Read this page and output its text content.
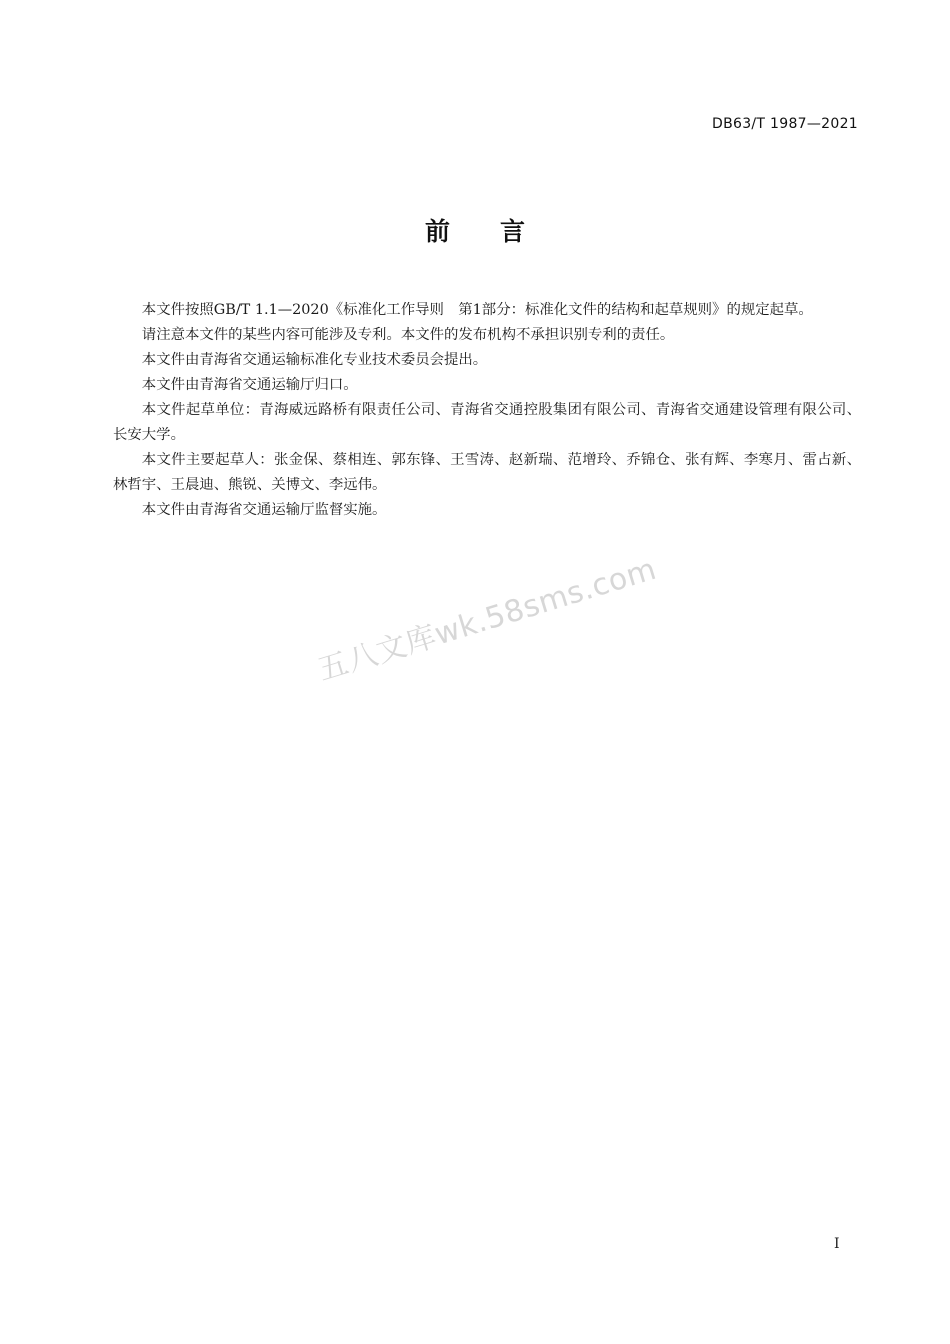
DB63/T 1987—2021
前 言

本文件按照GB/T 1.1—2020《标准化工作导则　第1部分：标准化文件的结构和起草规则》的规定起草。

请注意本文件的某些内容可能涉及专利。本文件的发布机构不承担识别专利的责任。

本文件由青海省交通运输标准化专业技术委员会提出。

本文件由青海省交通运输厅归口。

本文件起草单位：青海威远路桥有限责任公司、青海省交通控股集团有限公司、青海省交通建设管理有限公司、长安大学。

本文件主要起草人：张金保、蔡相连、郭东锋、王雪涛、赵新瑞、范增玲、乔锦仓、张有辉、李寒月、雷占新、林哲宇、王晨迪、熊锐、关博文、李远伟。

本文件由青海省交通运输厅监督实施。

五八文库wk.58sms.com
I
